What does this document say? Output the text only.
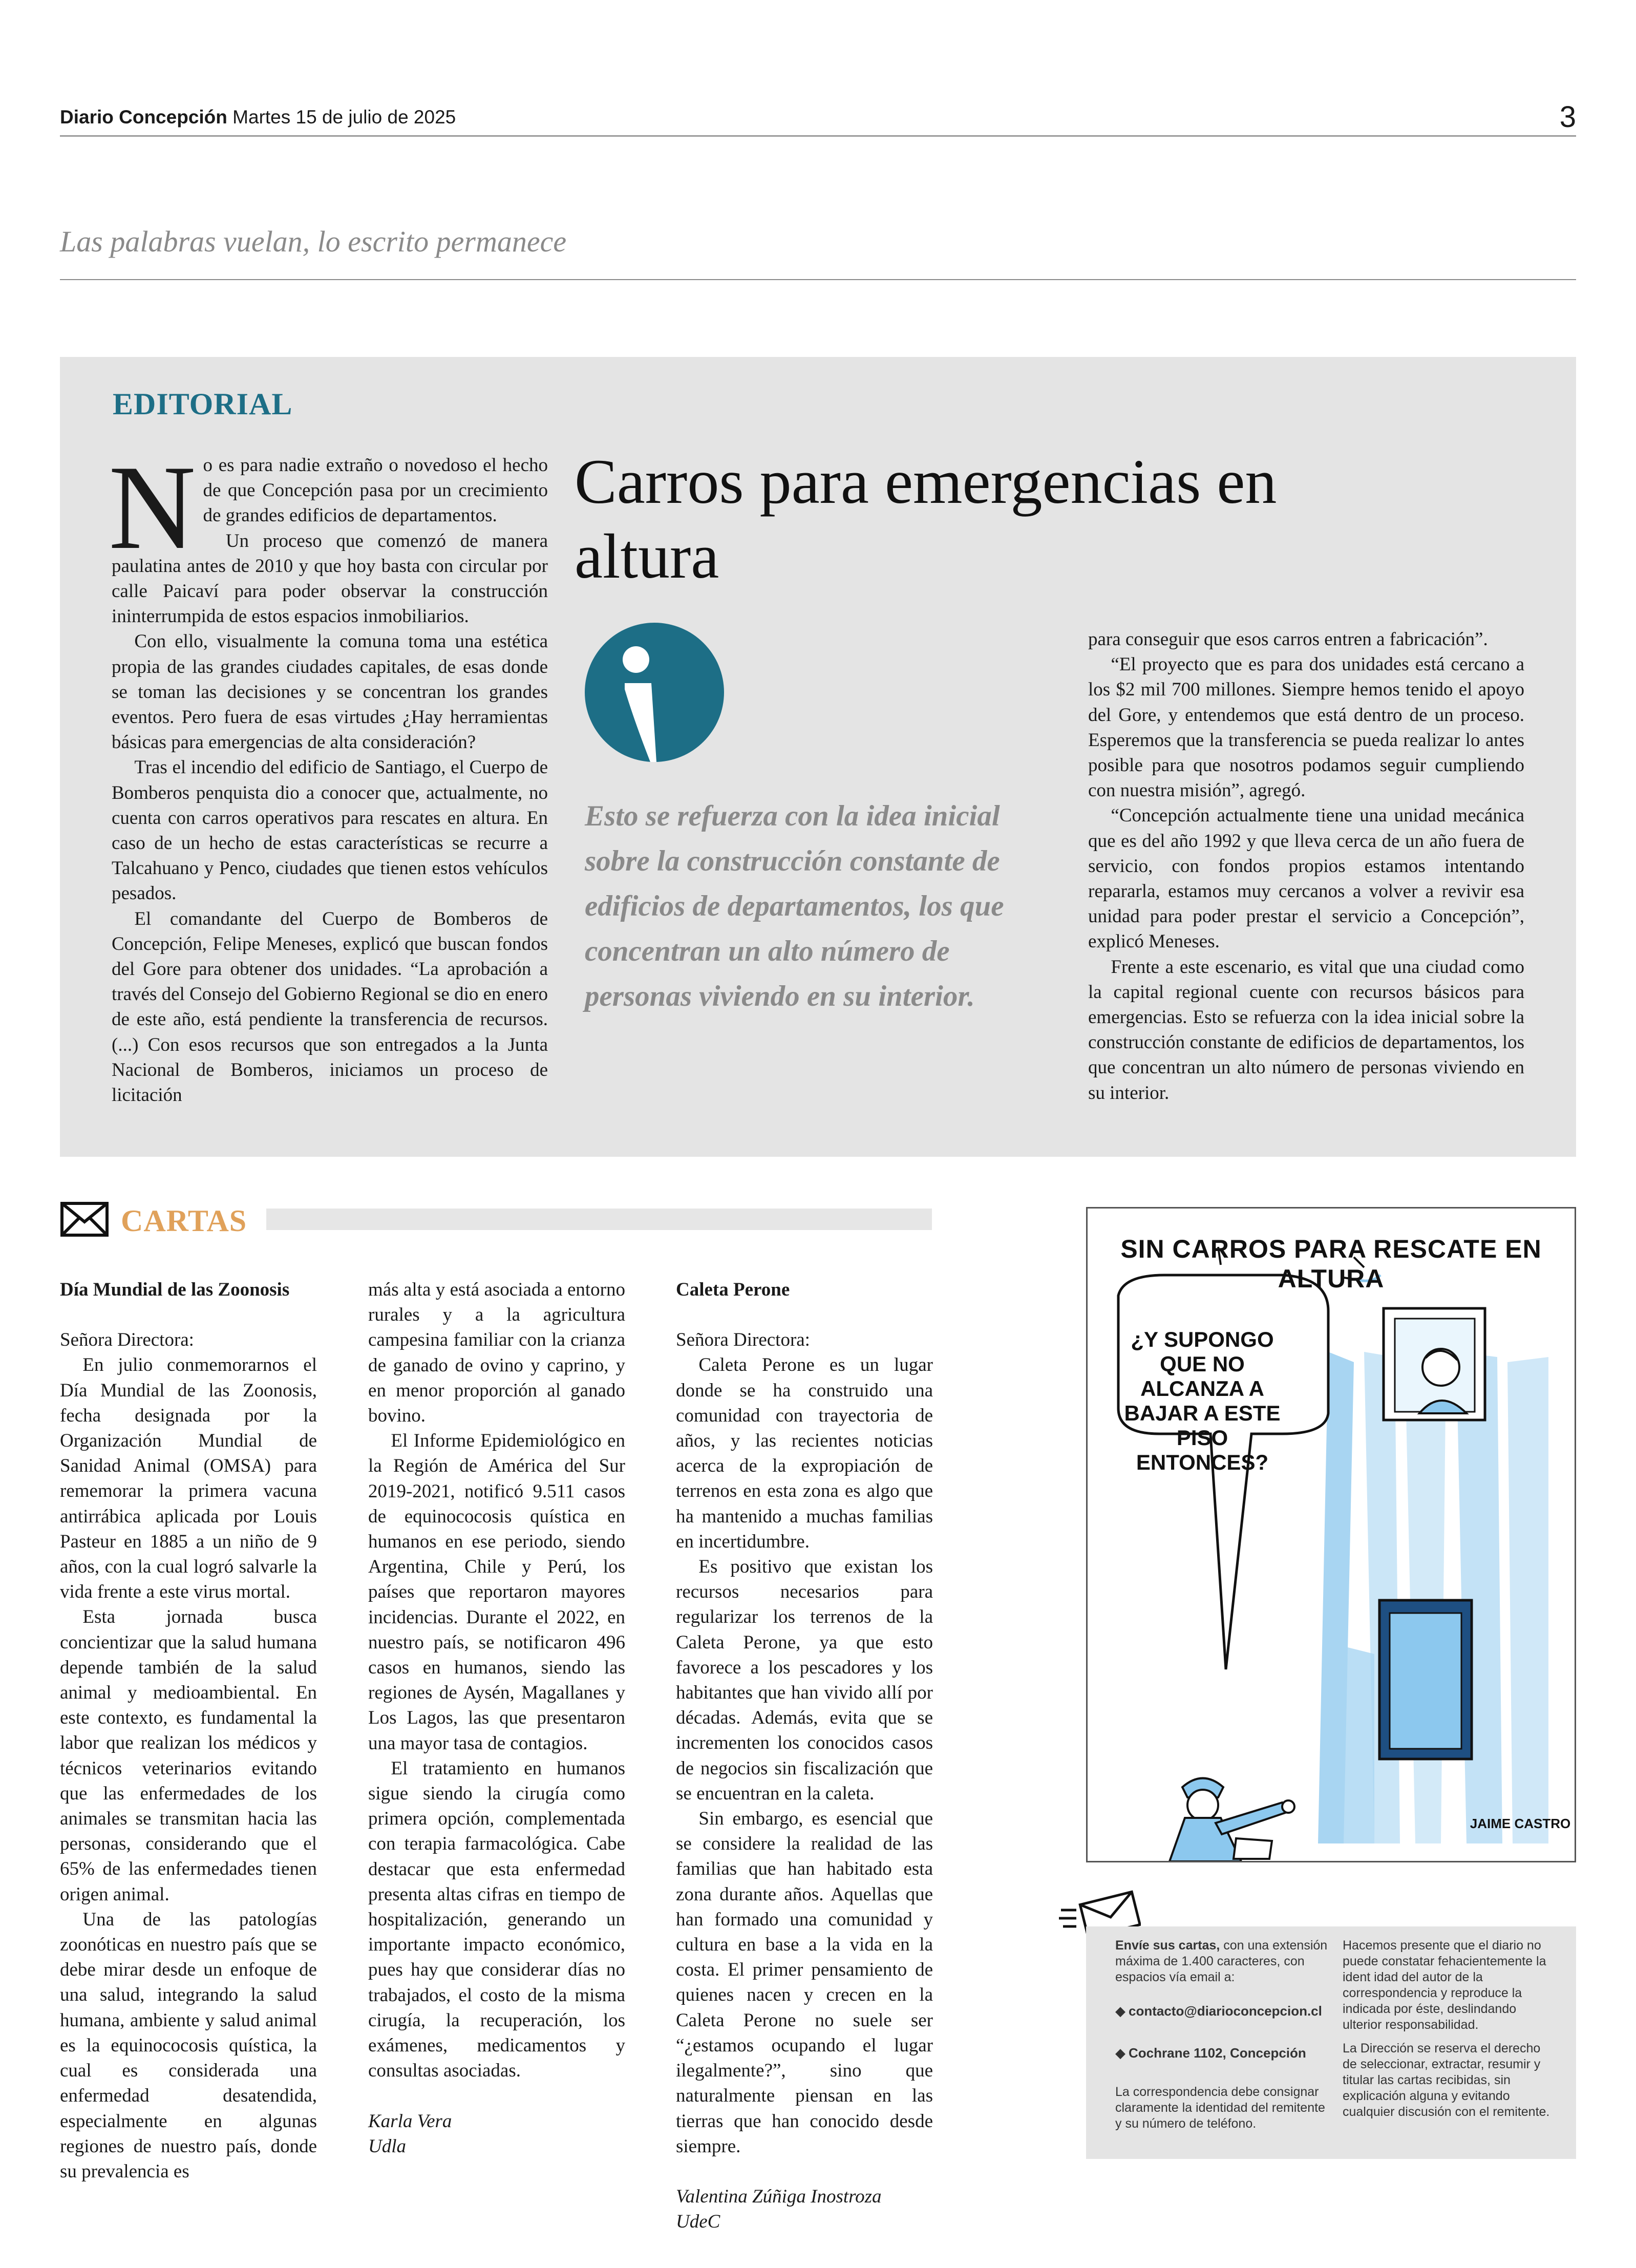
Diario Concepción Martes 15 de julio de 2025	3
Las palabras vuelan, lo escrito permanece
EDITORIAL

No es para nadie extraño o novedoso el hecho de que Concepción pasa por un crecimiento de grandes edificios de departamentos.

Un proceso que comenzó de manera paulatina antes de 2010 y que hoy basta con circular por calle Paicaví para poder observar la construcción ininterrumpida de estos espacios inmobiliarios.

Con ello, visualmente la comuna toma una estética propia de las grandes ciudades capitales, de esas donde se toman las decisiones y se concentran los grandes eventos. Pero fuera de esas virtudes ¿Hay herramientas básicas para emergencias de alta consideración?

Tras el incendio del edificio de Santiago, el Cuerpo de Bomberos penquista dio a conocer que, actualmente, no cuenta con carros operativos para rescates en altura. En caso de un hecho de estas características se recurre a Talcahuano y Penco, ciudades que tienen estos vehículos pesados.

El comandante del Cuerpo de Bomberos de Concepción, Felipe Meneses, explicó que buscan fondos del Gore para obtener dos unidades. “La aprobación a través del Consejo del Gobierno Regional se dio en enero de este año, está pendiente la transferencia de recursos. (...) Con esos recursos que son entregados a la Junta Nacional de Bomberos, iniciamos un proceso de licitación

Carros para emergencias en altura
Esto se refuerza con la idea inicial sobre la construcción constante de edificios de departamentos, los que concentran un alto número de personas viviendo en su interior.

para conseguir que esos carros entren a fabricación”.

“El proyecto que es para dos unidades está cercano a los $2 mil 700 millones. Siempre hemos tenido el apoyo del Gore, y entendemos que está dentro de un proceso. Esperemos que la transferencia se pueda realizar lo antes posible para que nosotros podamos seguir cumpliendo con nuestra misión”, agregó.

“Concepción actualmente tiene una unidad mecánica que es del año 1992 y que lleva cerca de un año fuera de servicio, con fondos propios estamos intentando repararla, estamos muy cercanos a volver a revivir esa unidad para poder prestar el servicio a Concepción”, explicó Meneses.

Frente a este escenario, es vital que una ciudad como la capital regional cuente con recursos básicos para emergencias. Esto se refuerza con la idea inicial sobre la construcción constante de edificios de departamentos, los que concentran un alto número de personas viviendo en su interior.

CARTAS

Día Mundial de las Zoonosis

Señora Directora:

En julio conmemorarnos el Día Mundial de las Zoonosis, fecha designada por la Organización Mundial de Sanidad Animal (OMSA) para rememorar la primera vacuna antirrábica aplicada por Louis Pasteur en 1885 a un niño de 9 años, con la cual logró salvarle la vida frente a este virus mortal.

Esta jornada busca concientizar que la salud humana depende también de la salud animal y medioambiental. En este contexto, es fundamental la labor que realizan los médicos y técnicos veterinarios evitando que las enfermedades de los animales se transmitan hacia las personas, considerando que el 65% de las enfermedades tienen origen animal.

Una de las patologías zoonóticas en nuestro país que se debe mirar desde un enfoque de una salud, integrando la salud humana, ambiente y salud animal es la equinococosis quística, la cual es considerada una enfermedad desatendida, especialmente en algunas regiones de nuestro país, donde su prevalencia es

más alta y está asociada a entorno rurales y a la agricultura campesina familiar con la crianza de ganado de ovino y caprino, y en menor proporción al ganado bovino.

El Informe Epidemiológico en la Región de América del Sur 2019-2021, notificó 9.511 casos de equinococosis quística en humanos en ese periodo, siendo Argentina, Chile y Perú, los países que reportaron mayores incidencias. Durante el 2022, en nuestro país, se notificaron 496 casos en humanos, siendo las regiones de Aysén, Magallanes y Los Lagos, las que presentaron una mayor tasa de contagios.

El tratamiento en humanos sigue siendo la cirugía como primera opción, complementada con terapia farmacológica. Cabe destacar que esta enfermedad presenta altas cifras en tiempo de hospitalización, generando un importante impacto económico, pues hay que considerar días no trabajados, el costo de la misma cirugía, la recuperación, los exámenes, medicamentos y consultas asociadas.

Karla Vera

Udla

Caleta Perone

Señora Directora:

Caleta Perone es un lugar donde se ha construido una comunidad con trayectoria de años, y las recientes noticias acerca de la expropiación de terrenos en esta zona es algo que ha mantenido a muchas familias en incertidumbre.

Es positivo que existan los recursos necesarios para regularizar los terrenos de la Caleta Perone, ya que esto favorece a los pescadores y los habitantes que han vivido allí por décadas. Además, evita que se incrementen los conocidos casos de negocios sin fiscalización que se encuentran en la caleta.

Sin embargo, es esencial que se considere la realidad de las familias que han habitado esta zona durante años. Aquellas que han formado una comunidad y cultura en base a la vida en la costa. El primer pensamiento de quienes nacen y crecen en la Caleta Perone no suele ser “¿estamos ocupando el lugar ilegalmente?”, sino que naturalmente piensan en las tierras que han conocido desde siempre.

Valentina Zúñiga Inostroza

UdeC

JAIME CASTRO
SIN CARROS PARA RESCATE EN ALTURA
¿Y SUPONGO QUE NO ALCANZA A BAJAR A ESTE PISO ENTONCES?
Envíe sus cartas, con una extensión máxima de 1.400 caracteres, con espacios vía email a:
◆ contacto@diarioconcepcion.cl
◆ Cochrane 1102, Concepción
La correspondencia debe consignar claramente la identidad del remitente y su número de teléfono.
Hacemos presente que el diario no puede constatar fehacientemente la ident idad del autor de la correspondencia y reproduce la indicada por éste, deslindando ulterior responsabilidad.
La Dirección se reserva el derecho de seleccionar, extractar, resumir y titular las cartas recibidas, sin explicación alguna y evitando cualquier discusión con el remitente.
